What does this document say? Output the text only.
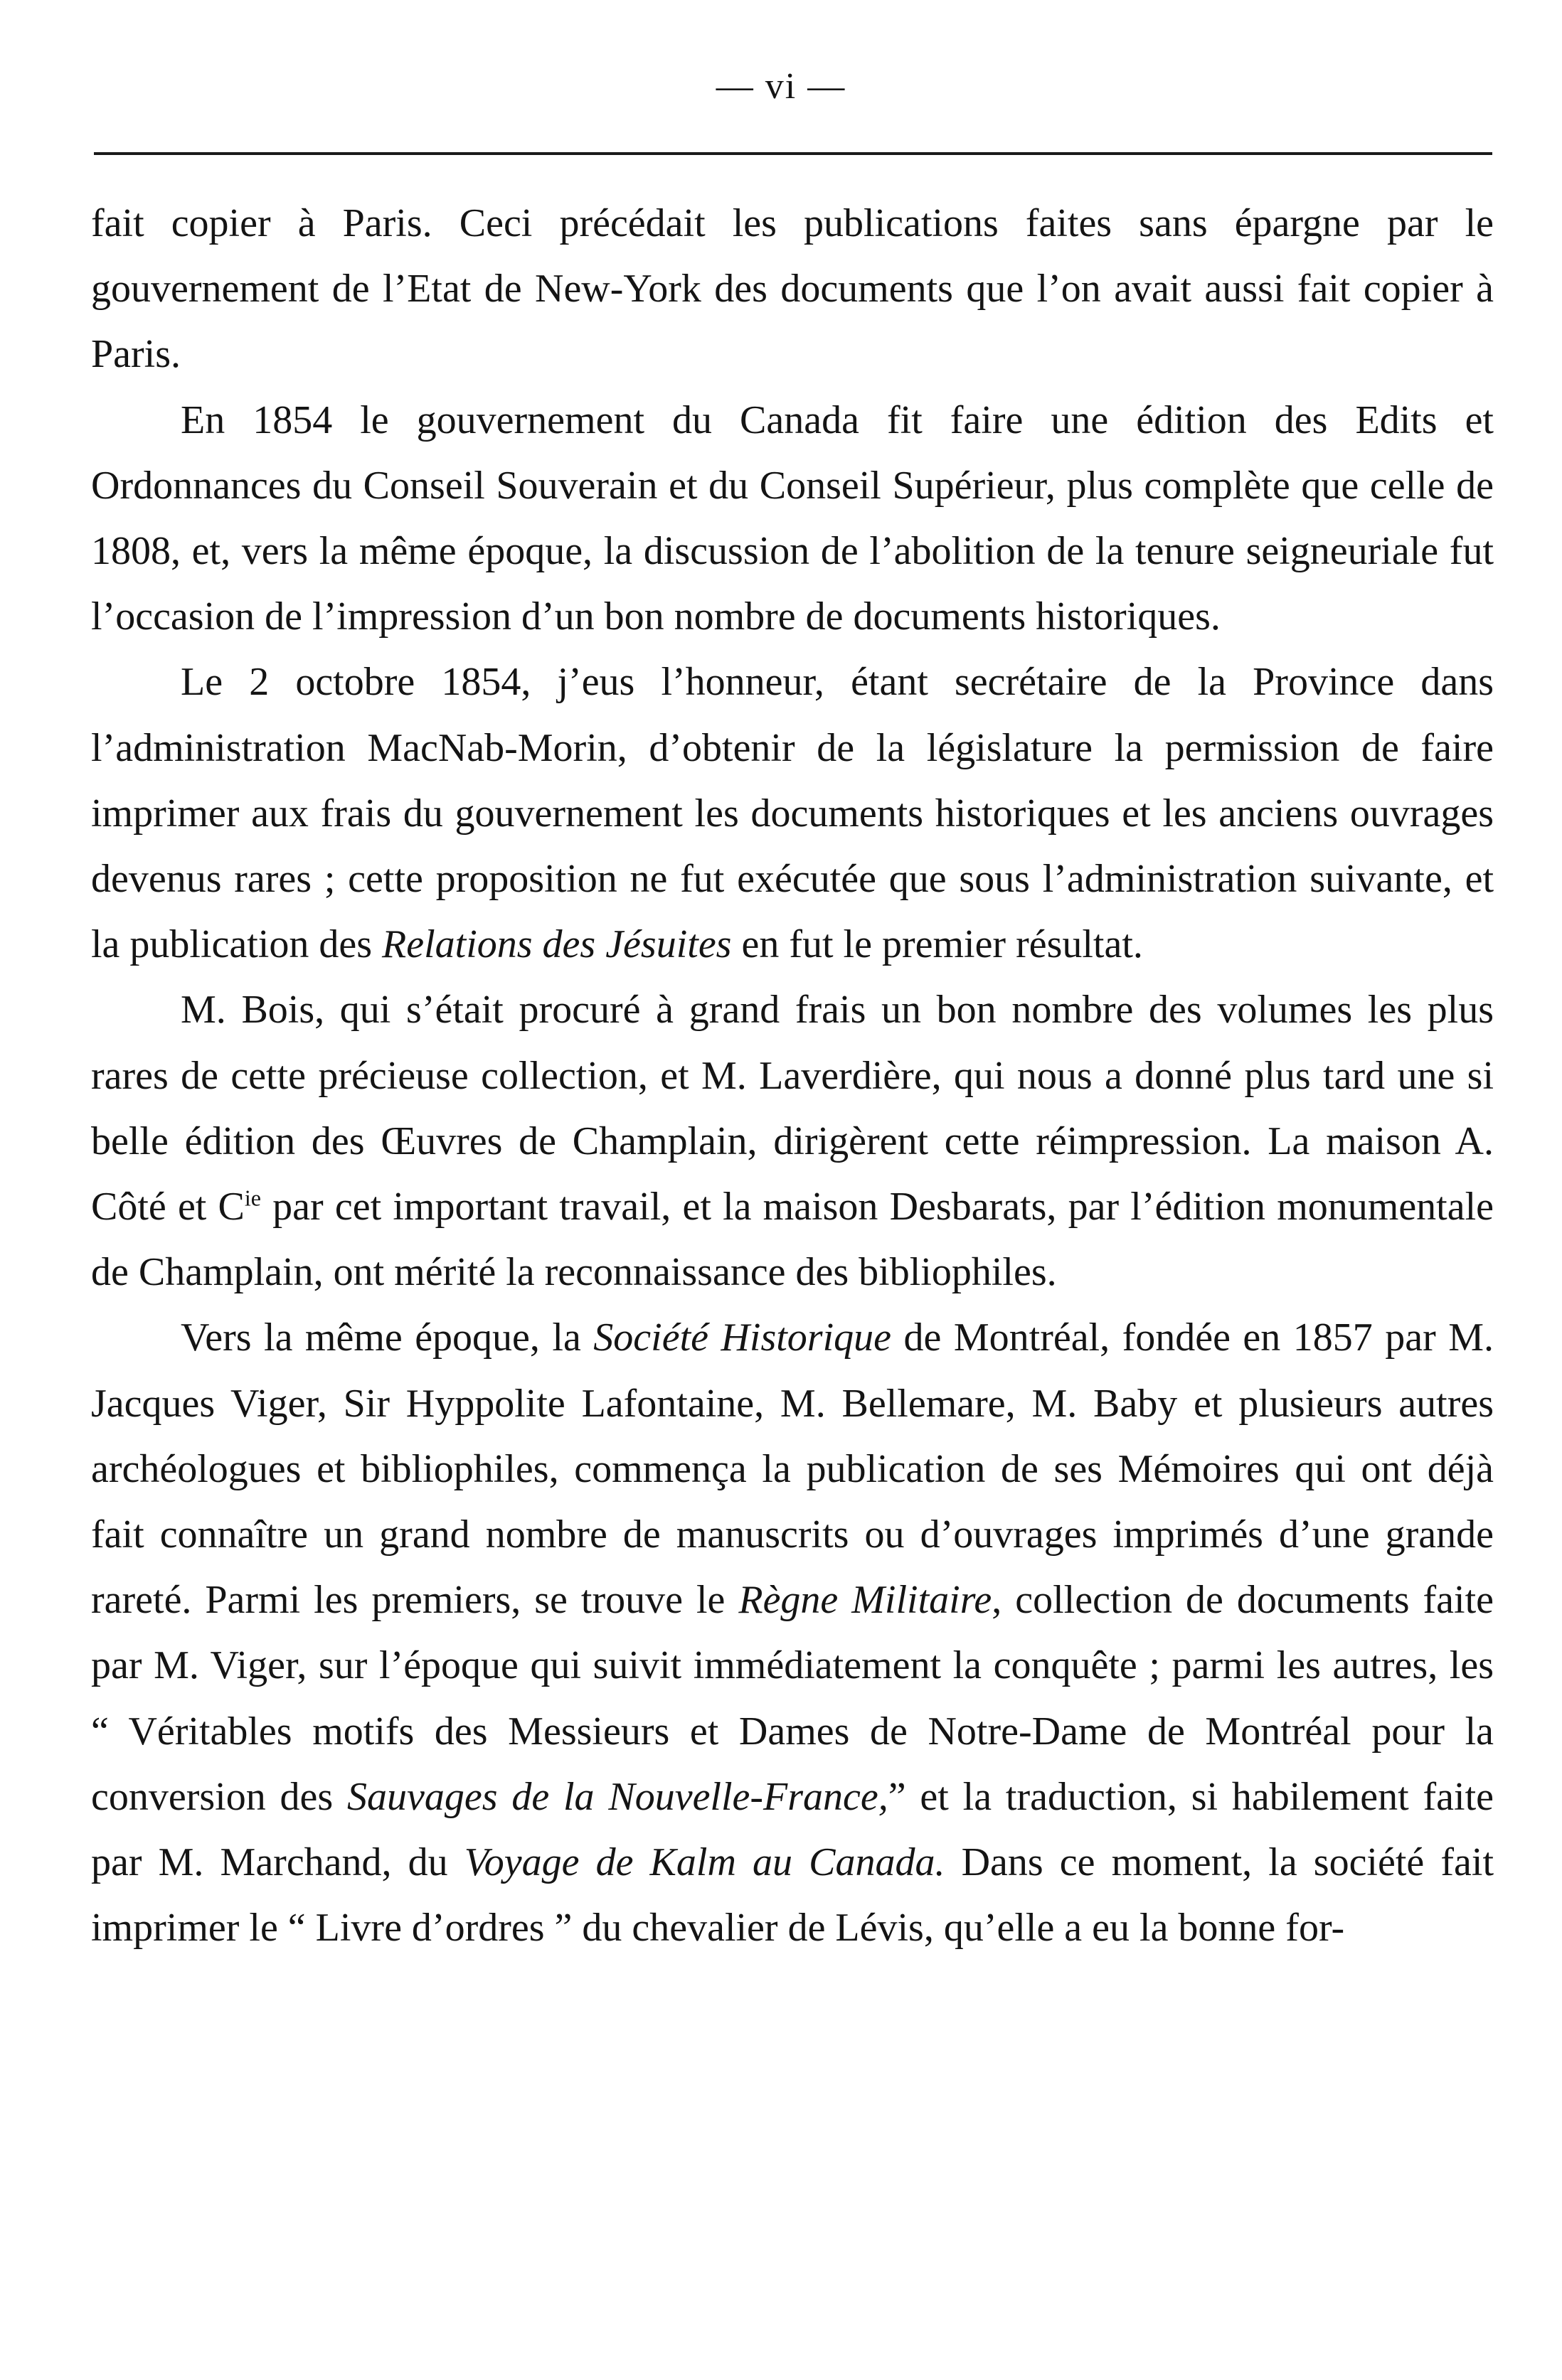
— vi —

fait copier à Paris. Ceci précédait les publications faites sans épargne par le gouvernement de l’Etat de New-York des documents que l’on avait aussi fait copier à Paris.

En 1854 le gouvernement du Canada fit faire une édition des Edits et Ordonnances du Conseil Souverain et du Conseil Supérieur, plus complète que celle de 1808, et, vers la même époque, la discussion de l’abolition de la tenure seigneuriale fut l’occasion de l’impression d’un bon nombre de documents historiques.

Le 2 octobre 1854, j’eus l’honneur, étant secrétaire de la Province dans l’administration MacNab-Morin, d’obtenir de la législature la permission de faire imprimer aux frais du gouvernement les documents historiques et les anciens ouvrages devenus rares ; cette proposition ne fut exécutée que sous l’administration suivante, et la publication des Relations des Jésuites en fut le premier résultat.

M. Bois, qui s’était procuré à grand frais un bon nombre des volumes les plus rares de cette précieuse collection, et M. Laverdière, qui nous a donné plus tard une si belle édition des Œuvres de Champlain, dirigèrent cette réimpression. La maison A. Côté et $C^{ie}$ par cet important travail, et la maison Desbarats, par l’édition monumentale de Champlain, ont mérité la reconnaissance des bibliophiles.

Vers la même époque, la Société Historique de Montréal, fondée en 1857 par M. Jacques Viger, Sir Hyppolite Lafontaine, M. Bellemare, M. Baby et plusieurs autres archéologues et bibliophiles, commença la publication de ses Mémoires qui ont déjà fait connaître un grand nombre de manuscrits ou d’ouvrages imprimés d’une grande rareté. Parmi les premiers, se trouve le Règne Militaire, collection de documents faite par M. Viger, sur l’époque qui suivit immédiatement la conquête ; parmi les autres, les “ Véritables motifs des Messieurs et Dames de Notre-Dame de Montréal pour la conversion des Sauvages de la Nouvelle-France,” et la traduction, si habilement faite par M. Marchand, du Voyage de Kalm au Canada. Dans ce moment, la société fait imprimer le “ Livre d’ordres ” du chevalier de Lévis, qu’elle a eu la bonne for-
